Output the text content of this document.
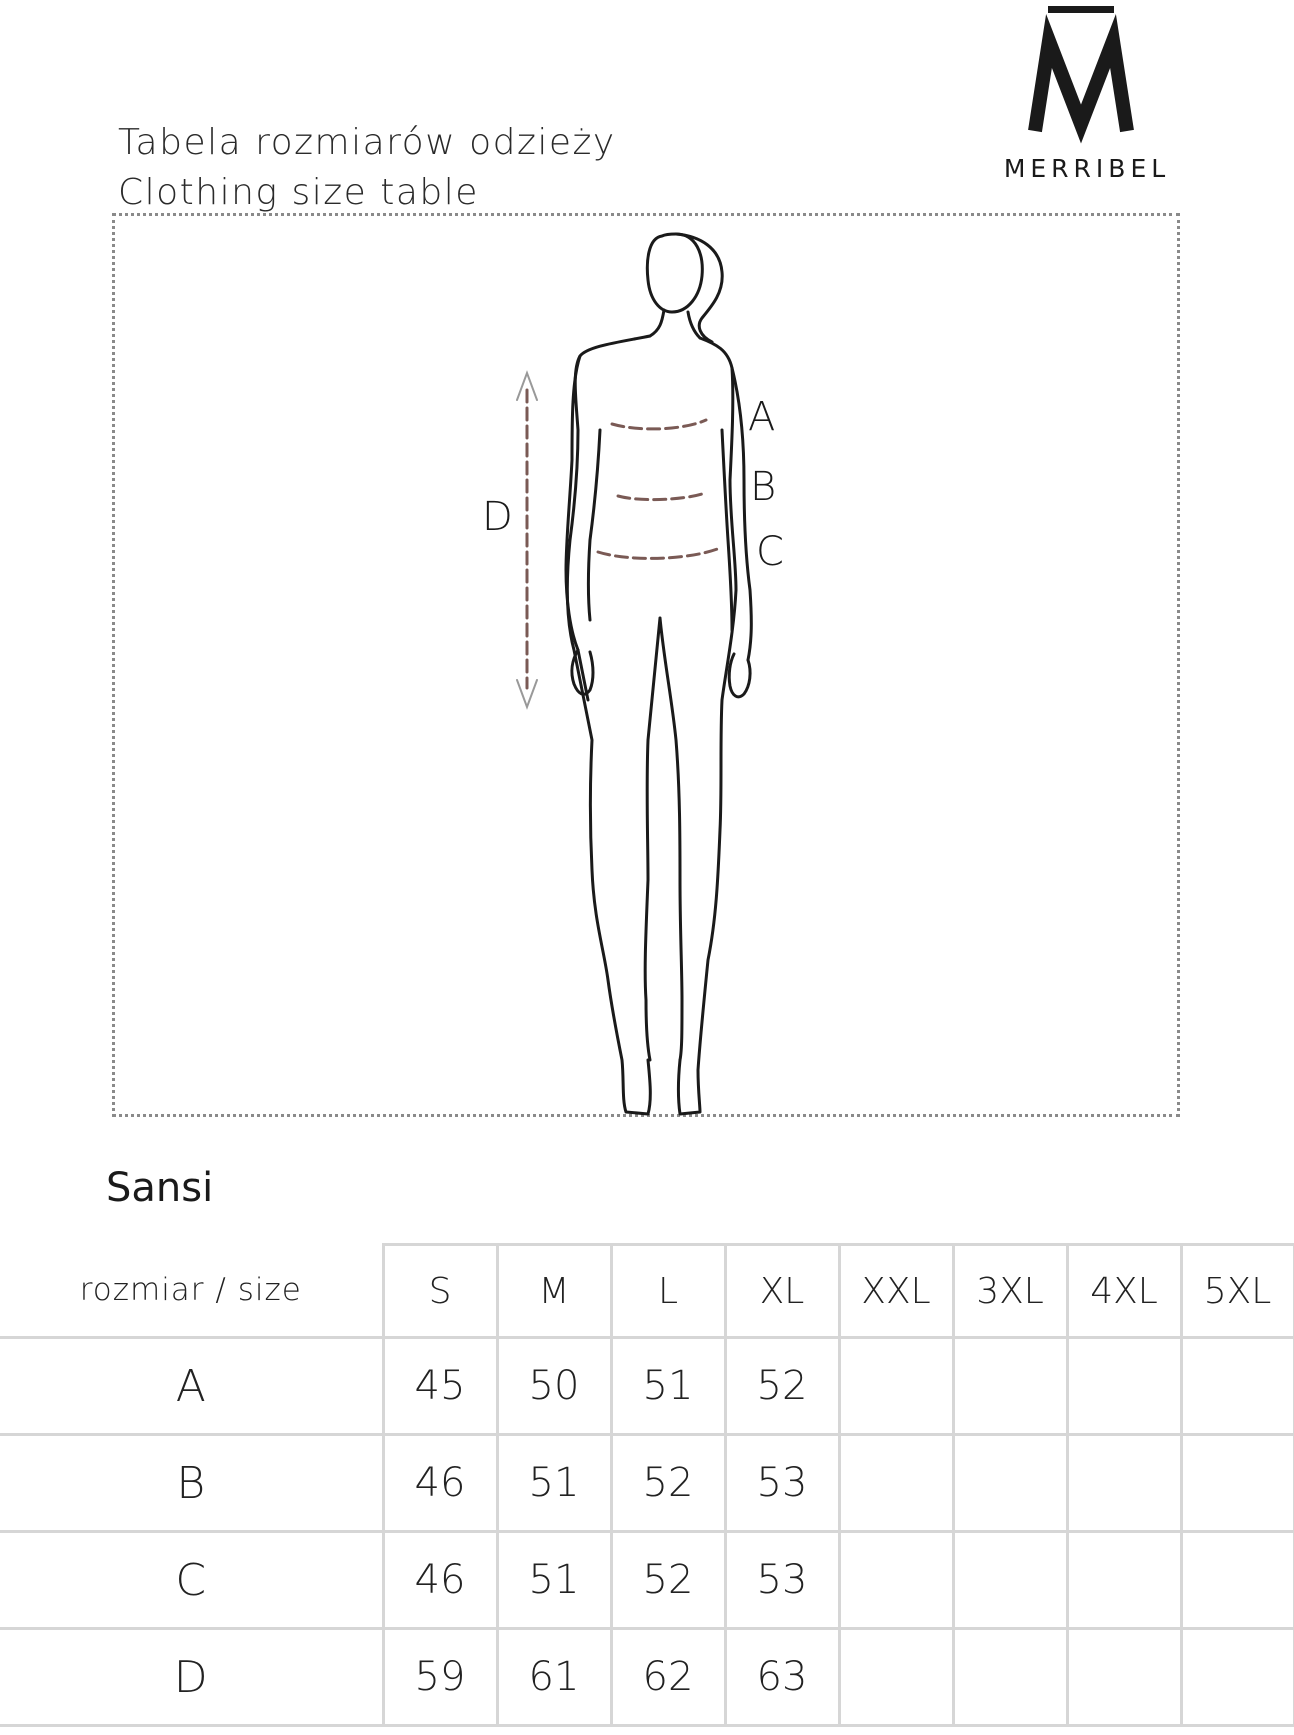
Tabela rozmiarów odzieży
Clothing size table
MERRIBEL
A
B
C
D
Sansi
rozmiar / size	S	M	L	XL	XXL	3XL	4XL	5XL
A	45	50	51	52				
B	46	51	52	53				
C	46	51	52	53				
D	59	61	62	63				
